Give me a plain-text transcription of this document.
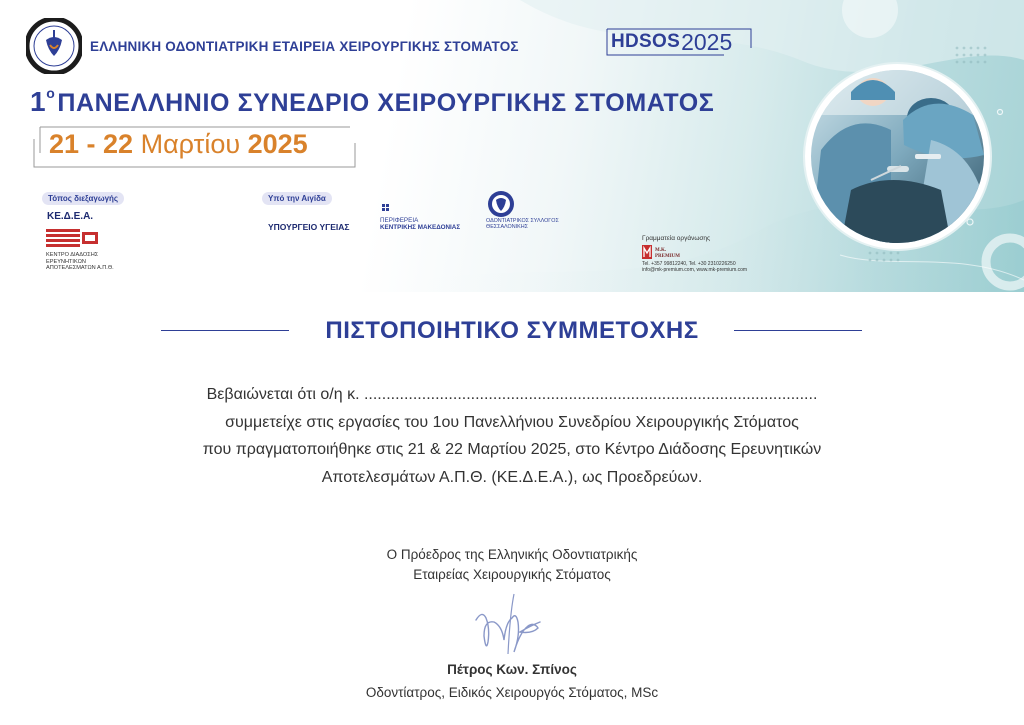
ΕΛΛΗΝΙΚΗ ΟΔΟΝΤΙΑΤΡΙΚΗ ΕΤΑΙΡΕΙΑ ΧΕΙΡΟΥΡΓΙΚΗΣ ΣΤΟΜΑΤΟΣ	HDSOS 2025
$1^o\Pi ANE\Lambda\Lambda HNIO$ ΣΥΝΕΔΡΙΟ ΧΕΙΡΟΥΡΓΙΚΗΣ ΣΤΟΜΑΤΟΣ
21 - 22 Μαρτίου 2025
Τόπος διεξαγωγής
ΚΕ.Δ.Ε.Α.
ΚΕΝΤΡΟ ΔΙΑΔΟΣΗΣ ΕΡΕΥΝΗΤΙΚΩΝ ΑΠΟΤΕΛΕΣΜΑΤΩΝ Α.Π.Θ.
Υπό την Αιγίδα
ΥΠΟΥΡΓΕΙΟ ΥΓΕΙΑΣ
ΠΕΡΙΦΕΡΕΙΑ
ΚΕΝΤΡΙΚΗΣ ΜΑΚΕΔΟΝΙΑΣ
ΟΔΟΝΤΙΑΤΡΙΚΟΣ ΣΥΛΛΟΓΟΣ
ΘΕΣΣΑΛΟΝΙΚΗΣ
Γραμματεία οργάνωσης
M.K.
PREMIUM
Tel. +357 99812240, Tel. +30 2310226250
info@mk-premium.com, www.mk-premium.com
ΠΙΣΤΟΠΟΙΗΤΙΚΟ ΣΥΜΜΕΤΟΧΗΣ

Βεβαιώνεται ότι ο/η κ. ......................................................................................................

συμμετείχε στις εργασίες του 1ου Πανελλήνιου Συνεδρίου Χειρουργικής Στόματος

που πραγματοποιήθηκε στις 21 & 22 Μαρτίου 2025, στο Κέντρο Διάδοσης Ερευνητικών

Αποτελεσμάτων Α.Π.Θ. (ΚΕ.Δ.Ε.Α.), ως Προεδρεύων.

Ο Πρόεδρος της Ελληνικής Οδοντιατρικής
Εταιρείας Χειρουργικής Στόματος
Πέτρος Κων. Σπίνος
Οδοντίατρος, Ειδικός Χειρουργός Στόματος, MSc
